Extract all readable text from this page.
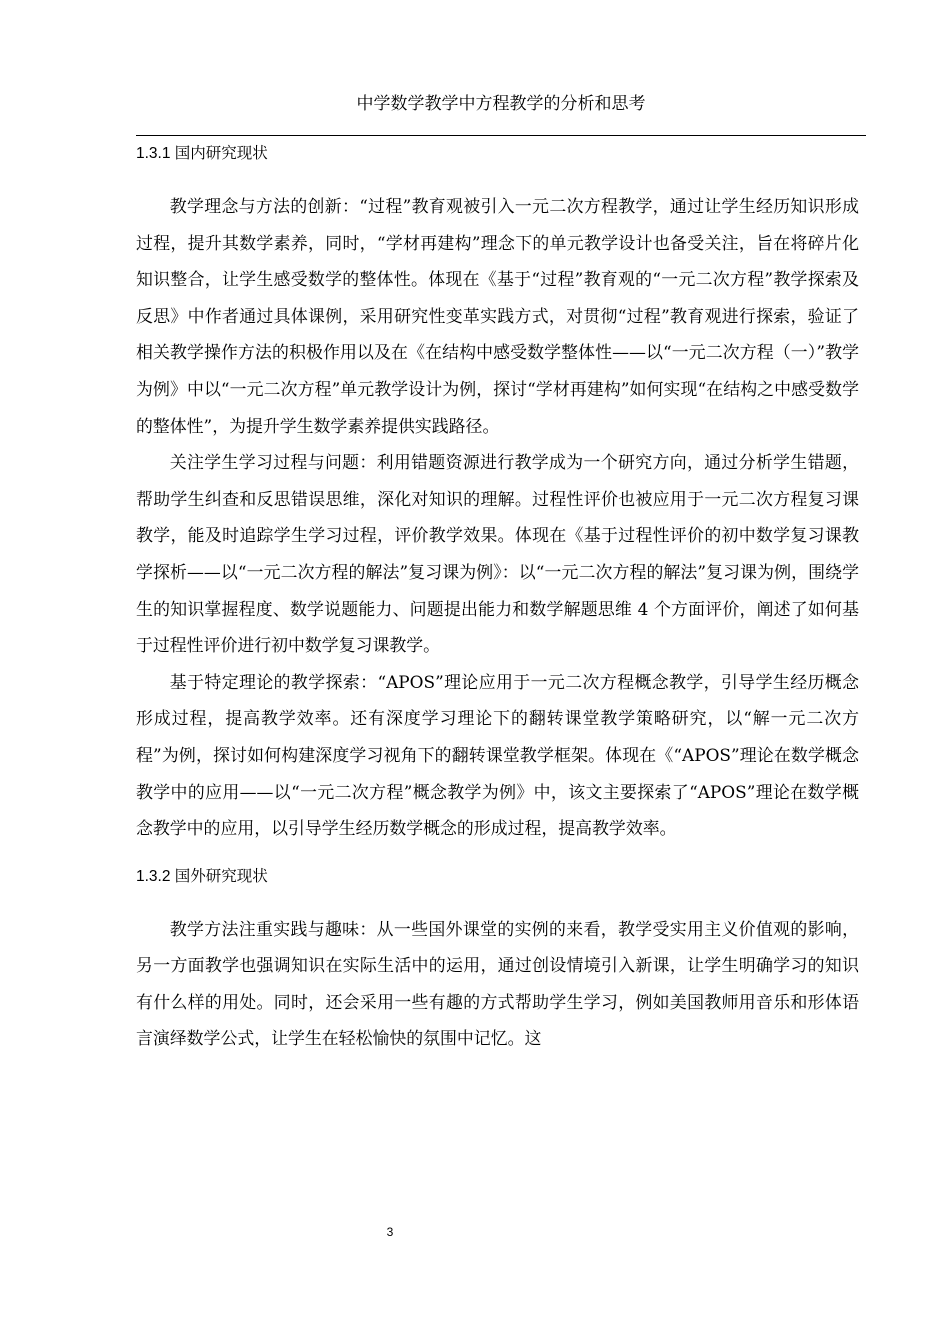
中学数学教学中方程教学的分析和思考

1.3.1 国内研究现状

教学理念与方法的创新：“过程”教育观被引入一元二次方程教学，通过让学生经历知识形成过程，提升其数学素养，同时，“学材再建构”理念下的单元教学设计也备受关注，旨在将碎片化知识整合，让学生感受数学的整体性。体现在《基于“过程”教育观的“一元二次方程”教学探索及反思》中作者通过具体课例，采用研究性变革实践方式，对贯彻“过程”教育观进行探索，验证了相关教学操作方法的积极作用以及在《在结构中感受数学整体性——以“一元二次方程（一）”教学为例》中以“一元二次方程”单元教学设计为例，探讨“学材再建构”如何实现“在结构之中感受数学的整体性”，为提升学生数学素养提供实践路径。

关注学生学习过程与问题：利用错题资源进行教学成为一个研究方向，通过分析学生错题，帮助学生纠查和反思错误思维，深化对知识的理解。过程性评价也被应用于一元二次方程复习课教学，能及时追踪学生学习过程，评价教学效果。体现在《基于过程性评价的初中数学复习课教学探析——以“一元二次方程的解法”复习课为例》：以“一元二次方程的解法”复习课为例，围绕学生的知识掌握程度、数学说题能力、问题提出能力和数学解题思维 4 个方面评价，阐述了如何基于过程性评价进行初中数学复习课教学。

基于特定理论的教学探索：“APOS”理论应用于一元二次方程概念教学，引导学生经历概念形成过程，提高教学效率。还有深度学习理论下的翻转课堂教学策略研究，以“解一元二次方程”为例，探讨如何构建深度学习视角下的翻转课堂教学框架。体现在《“APOS”理论在数学概念教学中的应用——以“一元二次方程”概念教学为例》中，该文主要探索了“APOS”理论在数学概念教学中的应用，以引导学生经历数学概念的形成过程，提高教学效率。

1.3.2 国外研究现状

教学方法注重实践与趣味：从一些国外课堂的实例的来看，教学受实用主义价值观的影响，另一方面教学也强调知识在实际生活中的运用，通过创设情境引入新课，让学生明确学习的知识有什么样的用处。同时，还会采用一些有趣的方式帮助学生学习，例如美国教师用音乐和形体语言演绎数学公式，让学生在轻松愉快的氛围中记忆。这

3
